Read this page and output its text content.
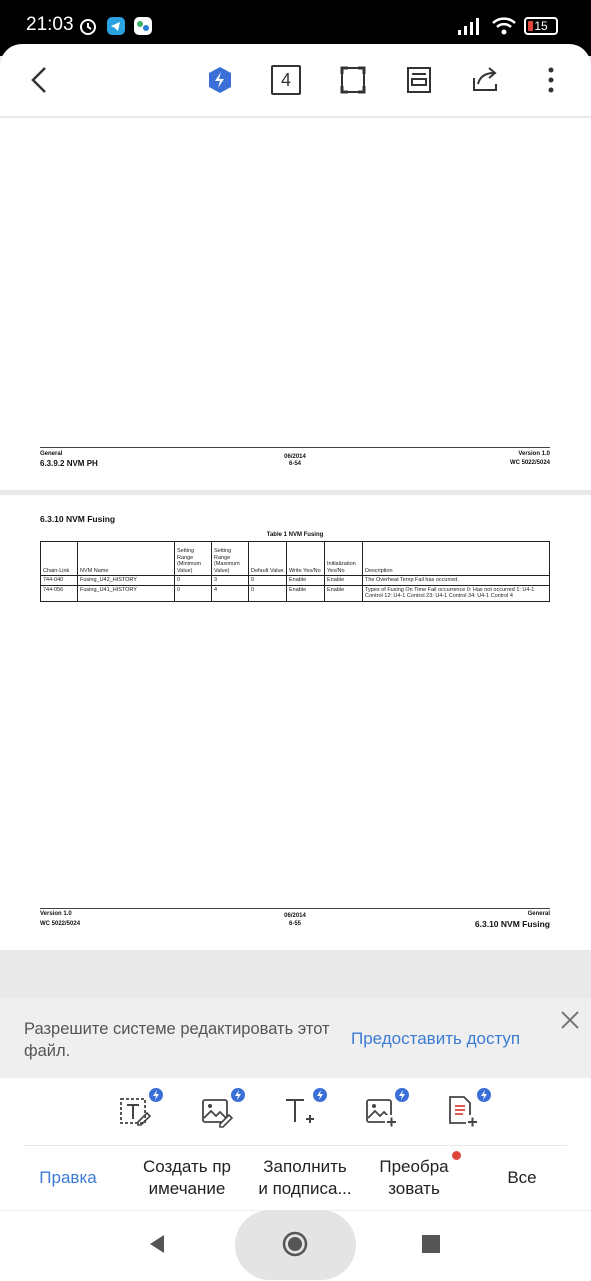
21:03	15
4
General
6.3.9.2 NVM PH
06/2014
6-54
Version 1.0
WC 5022/5024
6.3.10 NVM Fusing
Table 1 NVM Fusing
Chain-Link	NVM Name	Setting Range (Minimum Value)	Setting Range (Maximum Value)	Default Value	Write Yes/No	Initialization Yes/No	Description
744-040	Fusing_U42_HISTORY	0	3	0	Enable	Enable	The Overheat Temp Fail has occurred.
744-056	Fusing_U41_HISTORY	0	4	0	Enable	Enable	Types of Fusing On Time Fail occurrence 0: Has not occurred 1: U4-1 Control 12: U4-1 Control 23: U4-1 Control 34: U4-1 Control 4
Version 1.0
WC 5022/5024
06/2014
6-55
General
6.3.10 NVM Fusing
Разрешите системе редактировать этот файл.
Предоставить доступ
Правка
Создать пр
имечание
Заполнить
и подписа...
Преобра
зовать
Все
